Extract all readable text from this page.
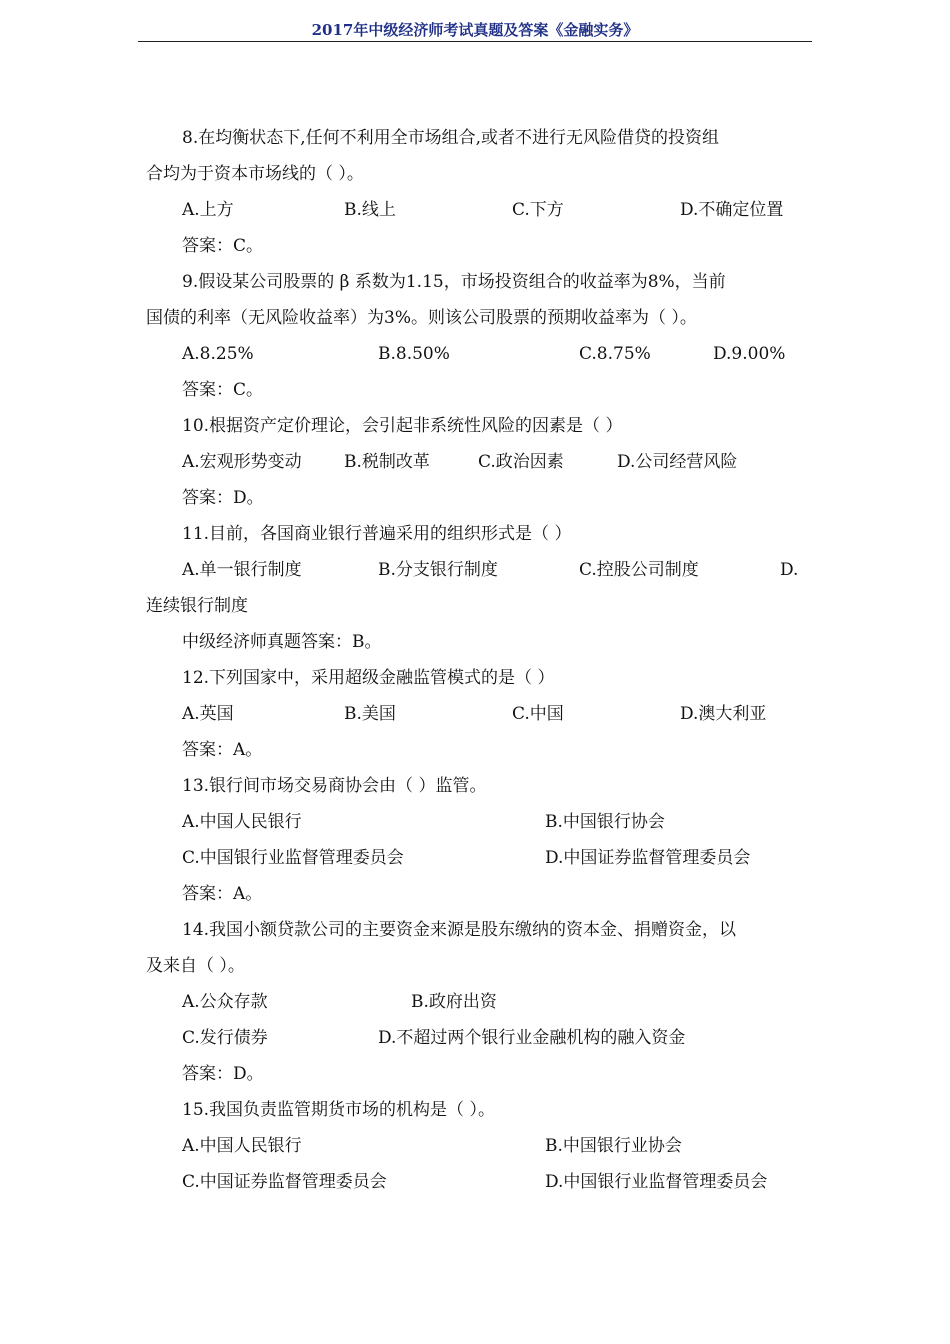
2017年中级经济师考试真题及答案《金融实务》
8.在均衡状态下,任何不利用全市场组合,或者不进行无风险借贷的投资组
合均为于资本市场线的（ ）。
A.上方	B.线上	C.下方	D.不确定位置
答案：C。
9.假设某公司股票的 β 系数为1.15，市场投资组合的收益率为8%，当前
国债的利率（无风险收益率）为3%。则该公司股票的预期收益率为（ ）。
A.8.25%	B.8.50%	C.8.75%	D.9.00%
答案：C。
10.根据资产定价理论，会引起非系统性风险的因素是（ ）
A.宏观形势变动 B.税制改革	C.政治因素	D.公司经营风险
答案：D。
11.目前，各国商业银行普遍采用的组织形式是（ ）
A.单一银行制度	B.分支银行制度	C.控股公司制度	D.
连续银行制度
中级经济师真题答案：B。
12.下列国家中，采用超级金融监管模式的是（ ）
A.英国	B.美国	C.中国	D.澳大利亚
答案：A。
13.银行间市场交易商协会由（ ）监管。
A.中国人民银行	B.中国银行协会
C.中国银行业监督管理委员会	D.中国证券监督管理委员会
答案：A。
14.我国小额贷款公司的主要资金来源是股东缴纳的资本金、捐赠资金，以
及来自（ ）。
A.公众存款	B.政府出资
C.发行债券	D.不超过两个银行业金融机构的融入资金
答案：D。
15.我国负责监管期货市场的机构是（ ）。
A.中国人民银行	B.中国银行业协会
C.中国证券监督管理委员会	D.中国银行业监督管理委员会
